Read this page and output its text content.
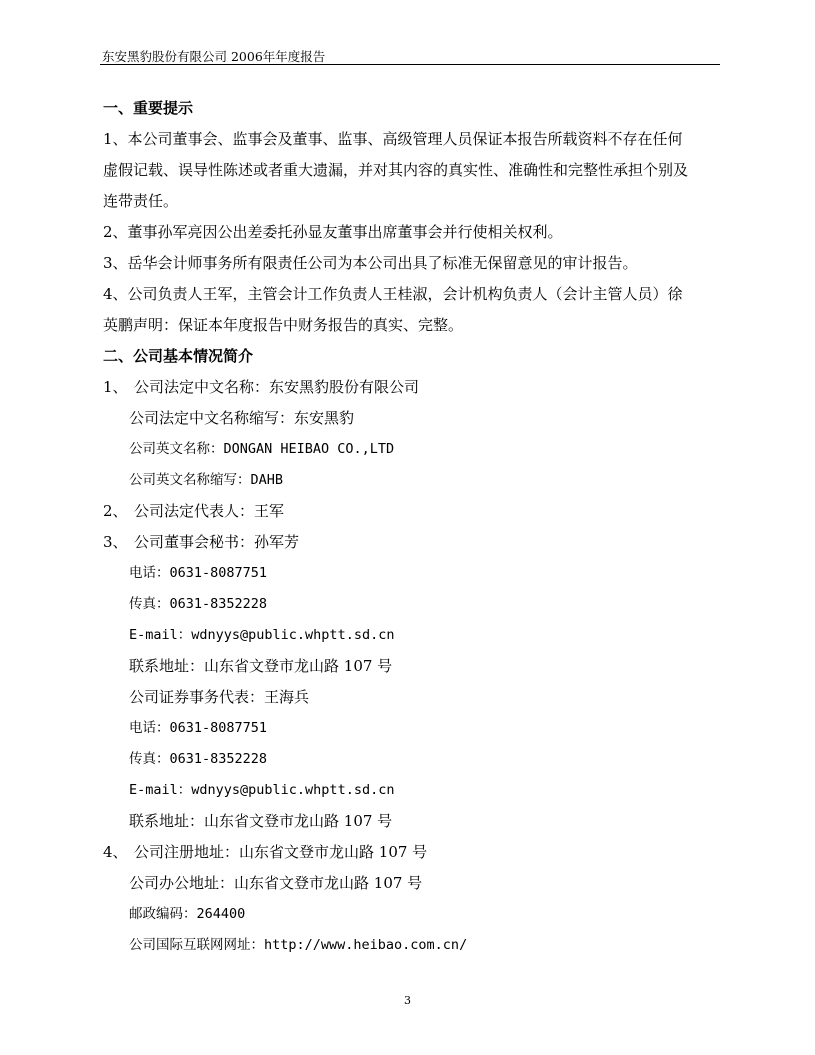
东安黑豹股份有限公司 2006年年度报告
一、重要提示
1、本公司董事会、监事会及董事、监事、高级管理人员保证本报告所载资料不存在任何
虚假记载、误导性陈述或者重大遗漏，并对其内容的真实性、准确性和完整性承担个别及
连带责任。
2、董事孙军亮因公出差委托孙显友董事出席董事会并行使相关权利。
3、岳华会计师事务所有限责任公司为本公司出具了标准无保留意见的审计报告。
4、公司负责人王军，主管会计工作负责人王桂淑，会计机构负责人（会计主管人员）徐
英鹏声明：保证本年度报告中财务报告的真实、完整。
二、公司基本情况简介
1、 公司法定中文名称：东安黑豹股份有限公司
公司法定中文名称缩写：东安黑豹
公司英文名称：DONGAN HEIBAO CO.,LTD
公司英文名称缩写：DAHB
2、 公司法定代表人：王军
3、 公司董事会秘书：孙军芳
电话：0631-8087751
传真：0631-8352228
E-mail：wdnyys@public.whptt.sd.cn
联系地址：山东省文登市龙山路 107 号
公司证券事务代表：王海兵
电话：0631-8087751
传真：0631-8352228
E-mail：wdnyys@public.whptt.sd.cn
联系地址：山东省文登市龙山路 107 号
4、 公司注册地址：山东省文登市龙山路 107 号
公司办公地址：山东省文登市龙山路 107 号
邮政编码：264400
公司国际互联网网址：http://www.heibao.com.cn/
3
